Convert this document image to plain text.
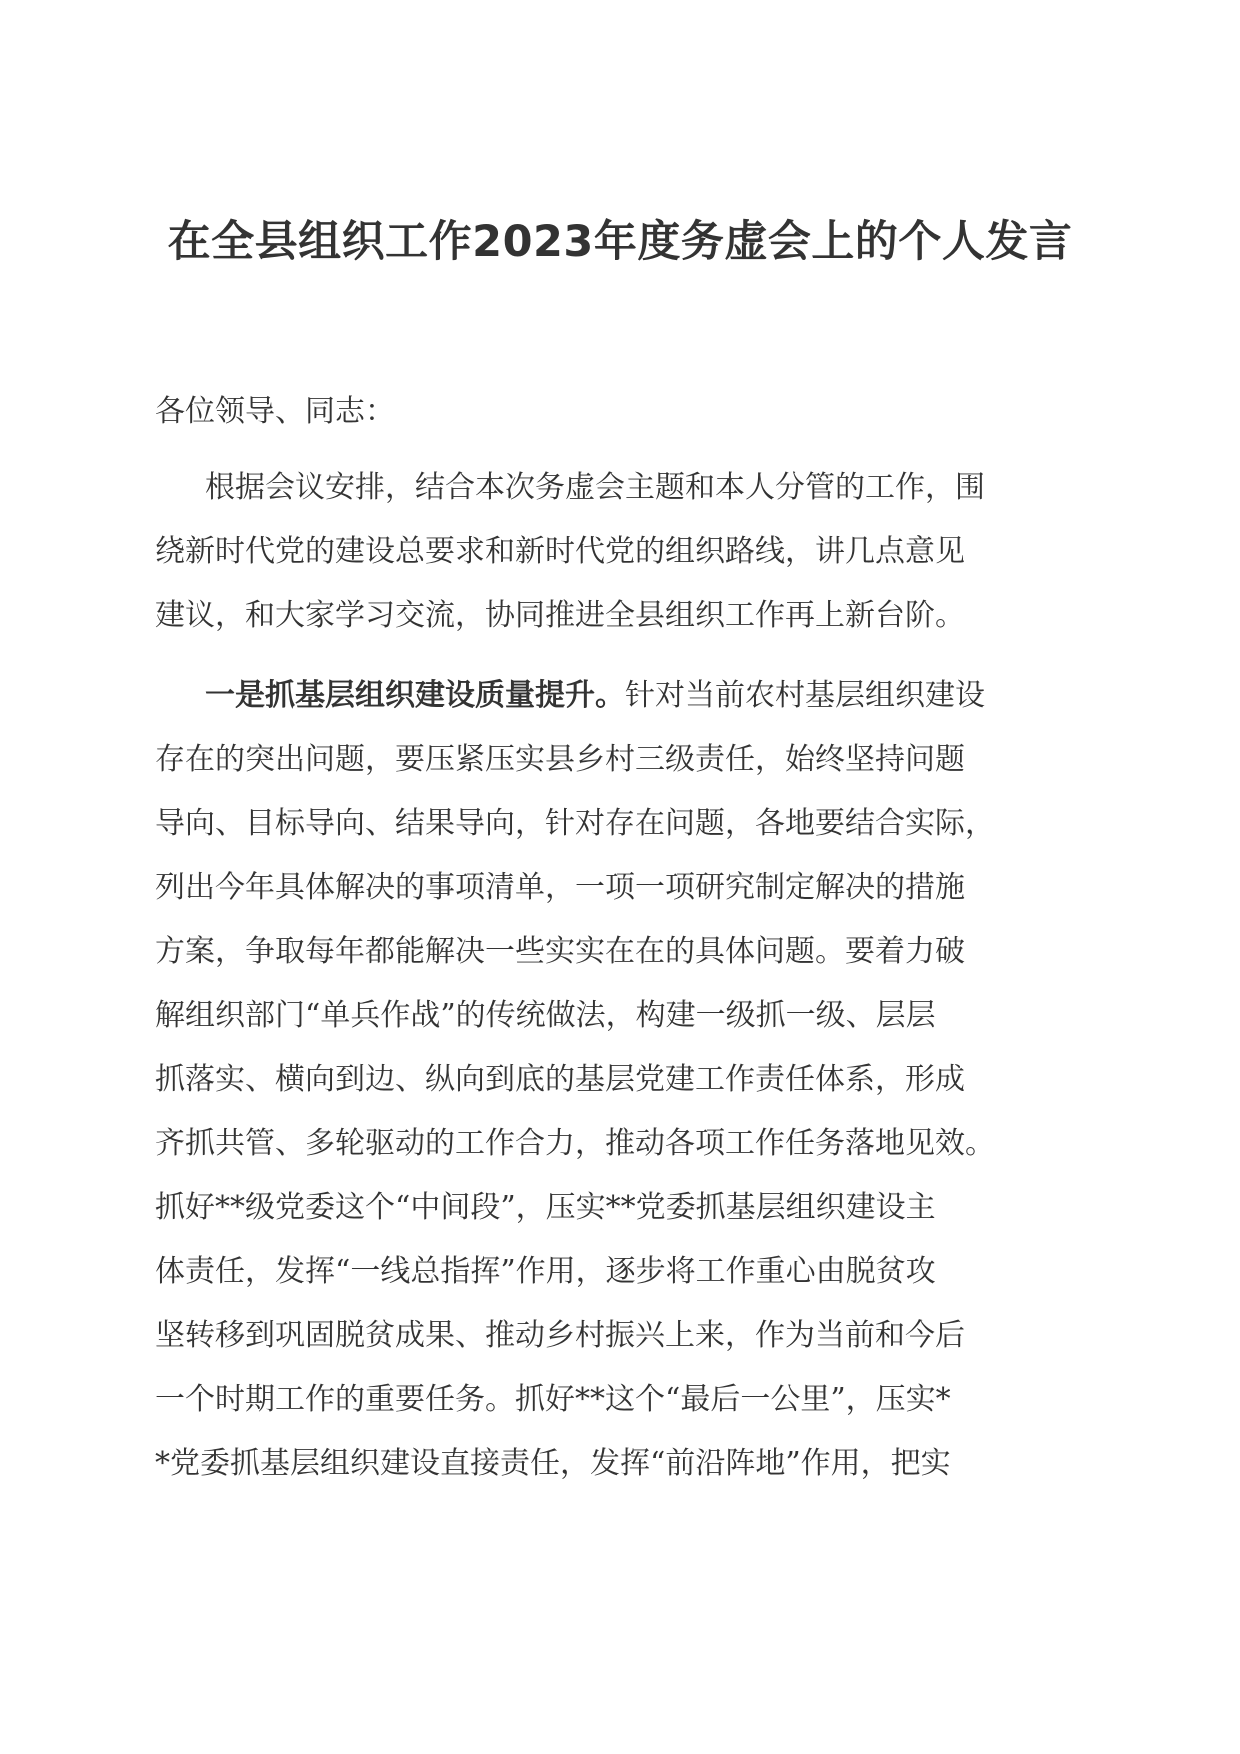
在全县组织工作2023年度务虚会上的个人发言
各位领导、同志：
根据会议安排，结合本次务虚会主题和本人分管的工作，围
绕新时代党的建设总要求和新时代党的组织路线，讲几点意见
建议，和大家学习交流，协同推进全县组织工作再上新台阶。
一是抓基层组织建设质量提升。针对当前农村基层组织建设
存在的突出问题，要压紧压实县乡村三级责任，始终坚持问题
导向、目标导向、结果导向，针对存在问题，各地要结合实际，
列出今年具体解决的事项清单，一项一项研究制定解决的措施
方案，争取每年都能解决一些实实在在的具体问题。要着力破
解组织部门“单兵作战”的传统做法，构建一级抓一级、层层
抓落实、横向到边、纵向到底的基层党建工作责任体系，形成
齐抓共管、多轮驱动的工作合力，推动各项工作任务落地见效。
抓好**级党委这个“中间段”，压实**党委抓基层组织建设主
体责任，发挥“一线总指挥”作用，逐步将工作重心由脱贫攻
坚转移到巩固脱贫成果、推动乡村振兴上来，作为当前和今后
一个时期工作的重要任务。抓好**这个“最后一公里”，压实*
*党委抓基层组织建设直接责任，发挥“前沿阵地”作用，把实
